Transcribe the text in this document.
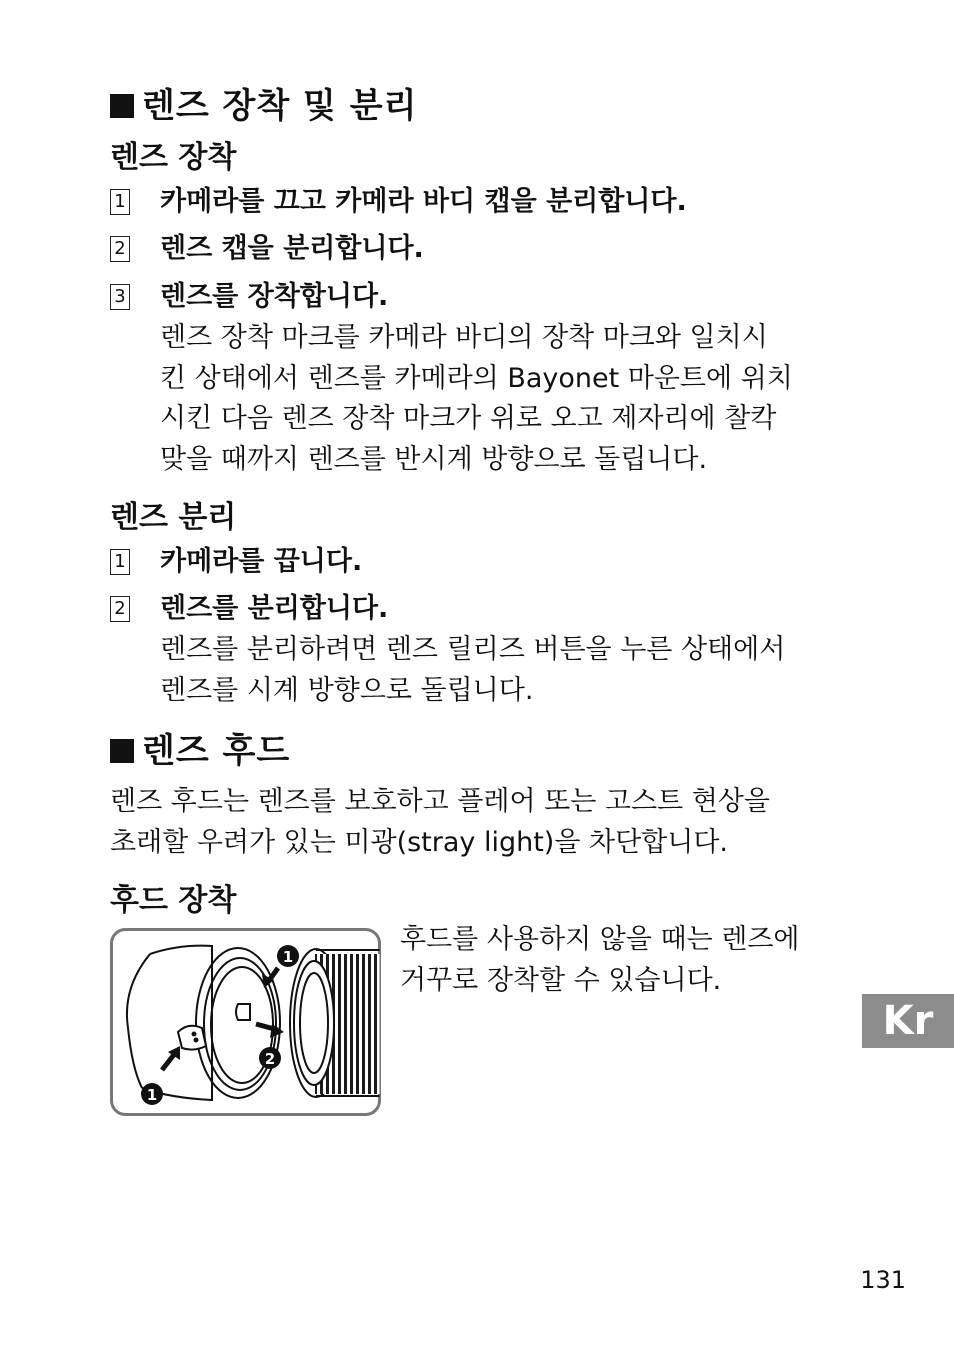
렌즈 장착 및 분리
렌즈 장착
1 카메라를 끄고 카메라 바디 캡을 분리합니다.
2 렌즈 캡을 분리합니다.
3 렌즈를 장착합니다.
렌즈 장착 마크를 카메라 바디의 장착 마크와 일치시
킨 상태에서 렌즈를 카메라의 Bayonet 마운트에 위치
시킨 다음 렌즈 장착 마크가 위로 오고 제자리에 찰칵
맞을 때까지 렌즈를 반시계 방향으로 돌립니다.
렌즈 분리
1 카메라를 끕니다.
2 렌즈를 분리합니다.
렌즈를 분리하려면 렌즈 릴리즈 버튼을 누른 상태에서
렌즈를 시계 방향으로 돌립니다.
렌즈 후드
렌즈 후드는 렌즈를 보호하고 플레어 또는 고스트 현상을
초래할 우려가 있는 미광(stray light)을 차단합니다.
후드 장착
1
2
1
후드를 사용하지 않을 때는 렌즈에
거꾸로 장착할 수 있습니다.
Kr
131
